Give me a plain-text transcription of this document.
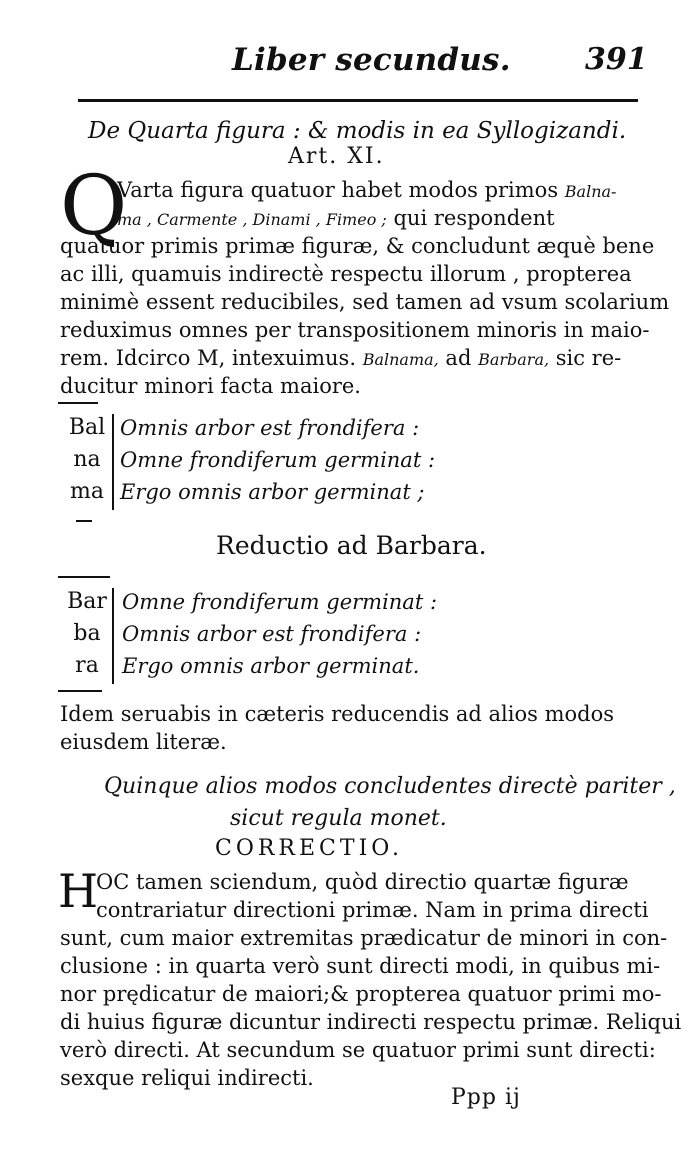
Liber secundus. 391
De Quarta figura : & modis in ea Syllogizandi.
Art. XI.
Q
Varta figura quatuor habet modos primos Balna-
ma , Carmente , Dinami , Fimeo ; qui respondent
quatuor primis primæ figuræ, & concludunt æquè bene
ac illi, quamuis indirectè respectu illorum , propterea
minimè essent reducibiles, sed tamen ad vsum scolarium
reduximus omnes per transpositionem minoris in maio-
rem. Idcirco M, intexuimus. Balnama, ad Barbara, sic re-
ducitur minori facta maiore.
Bal
na
ma
Omnis arbor est frondifera :
Omne frondiferum germinat :
Ergo omnis arbor germinat ;
Reductio ad Barbara.
Bar
ba
ra
Omne frondiferum germinat :
Omnis arbor est frondifera :
Ergo omnis arbor germinat.
Idem seruabis in cæteris reducendis ad alios modos
eiusdem literæ.
Quinque alios modos concludentes directè pariter ,
sicut regula monet.
CORRECTIO.
H
OC tamen sciendum, quòd directio quartæ figuræ
contrariatur directioni primæ. Nam in prima directi
sunt, cum maior extremitas prædicatur de minori in con-
clusione : in quarta verò sunt directi modi, in quibus mi-
nor prędicatur de maiori;& propterea quatuor primi mo-
di huius figuræ dicuntur indirecti respectu primæ. Reliqui
verò directi. At secundum se quatuor primi sunt directi:
sexque reliqui indirecti.
Ppp ij
